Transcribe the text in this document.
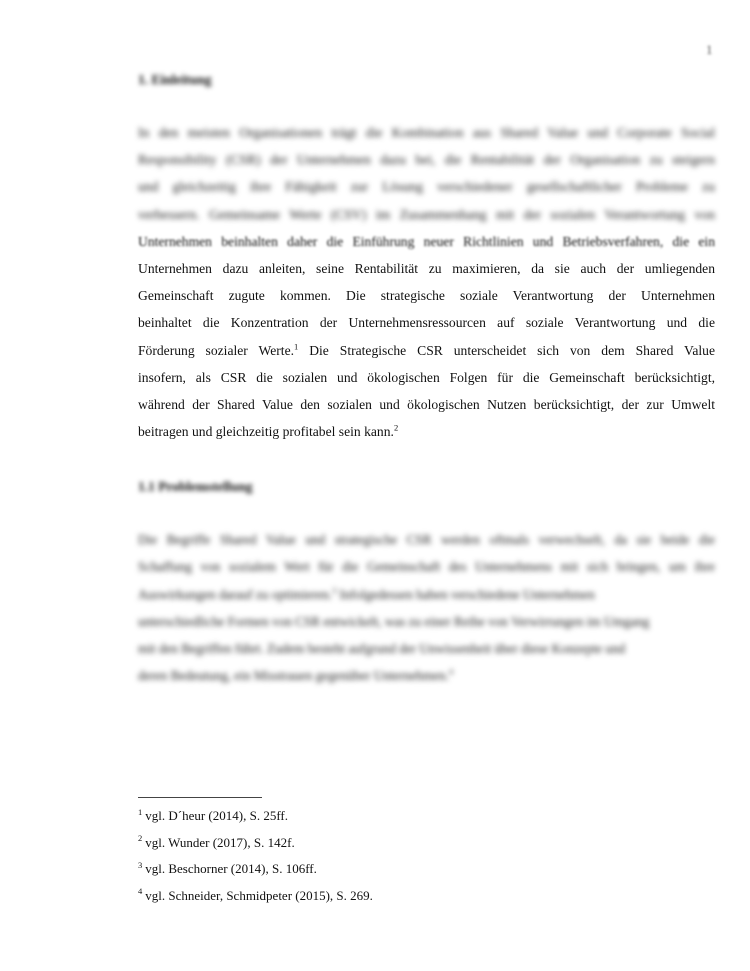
1
1. Einleitung
In den meisten Organisationen trägt die Kombination aus Shared Value und Corporate Social
Responsibility (CSR) der Unternehmen dazu bei, die Rentabilität der Organisation zu steigern
und gleichzeitig ihre Fähigkeit zur Lösung verschiedener gesellschaftlicher Probleme zu
verbessern. Gemeinsame Werte (CSV) im Zusammenhang mit der sozialen Verantwortung von
Unternehmen beinhalten daher die Einführung neuer Richtlinien und Betriebsverfahren, die ein
Unternehmen dazu anleiten, seine Rentabilität zu maximieren, da sie auch der umliegenden
Gemeinschaft zugute kommen. Die strategische soziale Verantwortung der Unternehmen
beinhaltet die Konzentration der Unternehmensressourcen auf soziale Verantwortung und die
Förderung sozialer Werte.$^1$ Die Strategische CSR unterscheidet sich von dem Shared Value
insofern, als CSR die sozialen und ökologischen Folgen für die Gemeinschaft berücksichtigt,
während der Shared Value den sozialen und ökologischen Nutzen berücksichtigt, der zur Umwelt
beitragen und gleichzeitig profitabel sein kann.$^2$
1.1 Problemstellung
Die Begriffe Shared Value und strategische CSR werden oftmals verwechselt, da sie beide die
Schaffung von sozialem Wert für die Gemeinschaft des Unternehmens mit sich bringen, um ihre
Auswirkungen darauf zu optimieren.$^3$ Infolgedessen haben verschiedene Unternehmen
unterschiedliche Formen von CSR entwickelt, was zu einer Reihe von Verwirrungen im Umgang
mit den Begriffen führt. Zudem besteht aufgrund der Unwissenheit über diese Konzepte und
deren Bedeutung, ein Misstrauen gegenüber Unternehmen.$^4$
$^1$ vgl. D´heur (2014), S. 25ff.
$^2$ vgl. Wunder (2017), S. 142f.
$^3$ vgl. Beschorner (2014), S. 106ff.
$^4$ vgl. Schneider, Schmidpeter (2015), S. 269.
